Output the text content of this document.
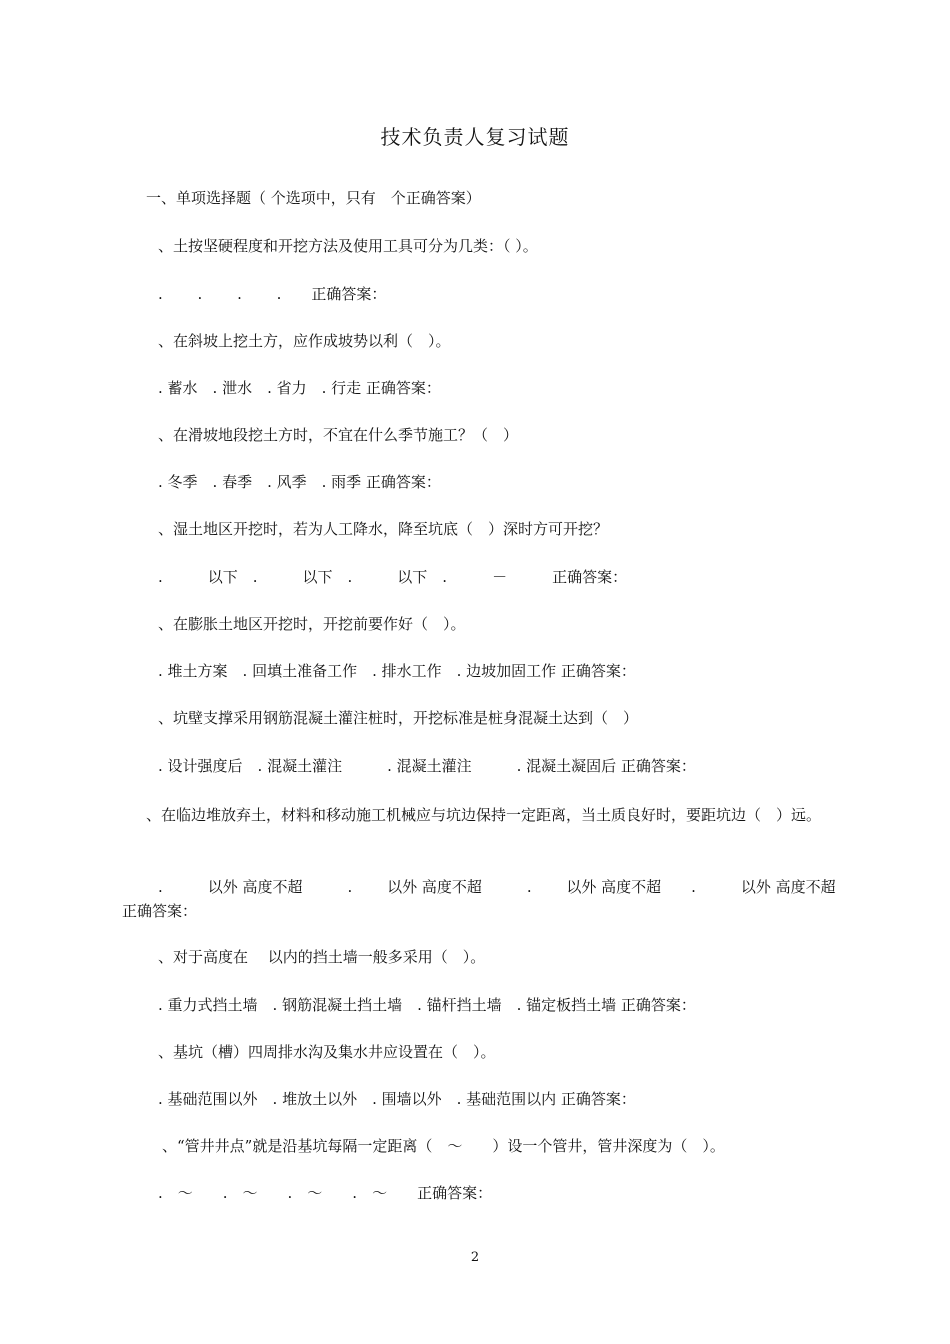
技术负责人复习试题
一、单项选择题（ 个选项中，只有　个正确答案）
、土按坚硬程度和开挖方法及使用工具可分为几类：（ ）。
.　　 .　　 .　　 .　　正确答案：
、在斜坡上挖土方，应作成坡势以利（　）。
. 蓄水　. 泄水　. 省力　. 行走 正确答案：
、在滑坡地段挖土方时，不宜在什么季节施工？（　）
. 冬季　. 春季　. 风季　. 雨季 正确答案：
、湿土地区开挖时，若为人工降水，降至坑底（　）深时方可开挖？
.　　　以下　.　　　以下　.　　　以下　.　　　－　　　正确答案：
、在膨胀土地区开挖时，开挖前要作好（　）。
. 堆土方案　. 回填土准备工作　. 排水工作　. 边坡加固工作 正确答案：
、坑壁支撑采用钢筋混凝土灌注桩时，开挖标准是桩身混凝土达到（　）
. 设计强度后　. 混凝土灌注　　　. 混凝土灌注　　　. 混凝土凝固后 正确答案：
、在临边堆放弃土，材料和移动施工机械应与坑边保持一定距离，当土质良好时，要距坑边（　）远。
.　　　以外 高度不超　　　.　　 以外 高度不超　　　.　　 以外 高度不超　　.　　　以外 高度不超　　正确答案：
、对于高度在　 以内的挡土墙一般多采用（　）。
. 重力式挡土墙　. 钢筋混凝土挡土墙　. 锚杆挡土墙　. 锚定板挡土墙 正确答案：
、基坑（槽）四周排水沟及集水井应设置在（　）。
. 基础范围以外　. 堆放土以外　. 围墙以外　. 基础范围以内 正确答案：
、“管井井点”就是沿基坑每隔一定距离（　～　　）设一个管井，管井深度为（　）。
.　～　　.　～　　.　～　　.　～　　正确答案：
2
